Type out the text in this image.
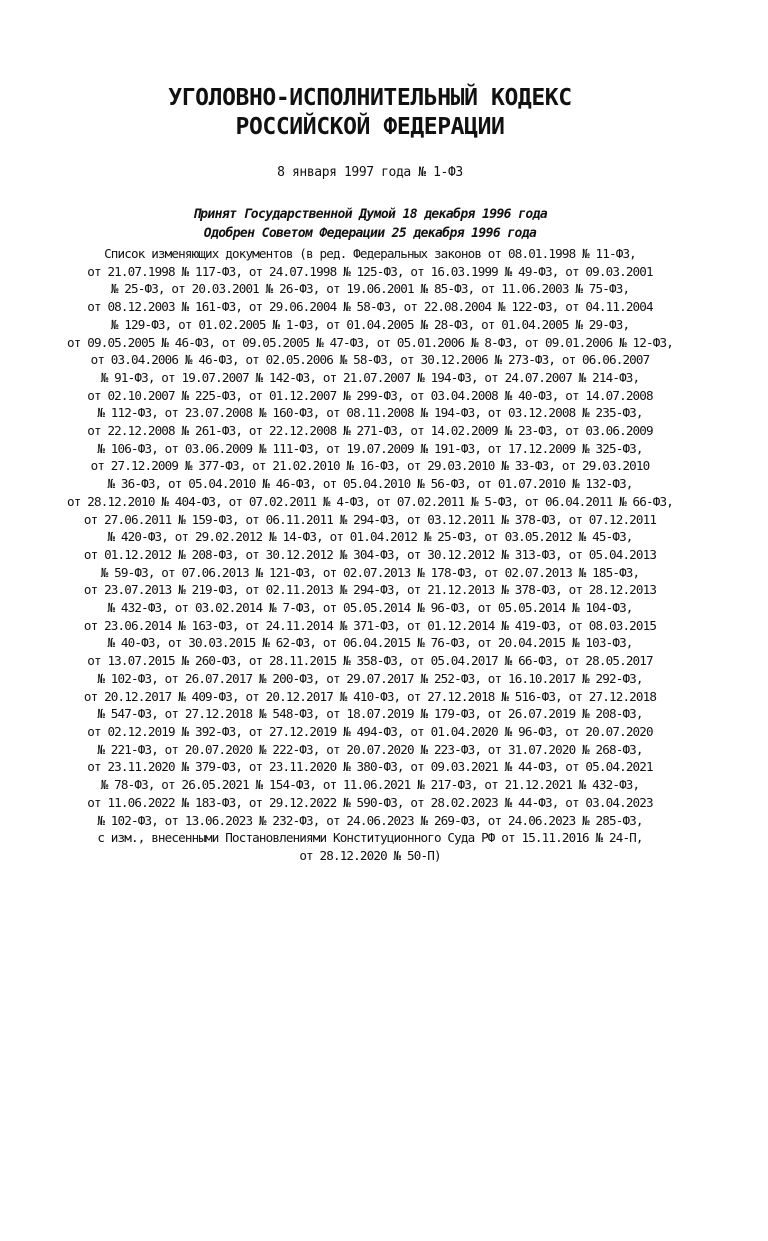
УГОЛОВНО-ИСПОЛНИТЕЛЬНЫЙ КОДЕКС
РОССИЙСКОЙ ФЕДЕРАЦИИ
8 января 1997 года № 1-ФЗ
Принят Государственной Думой 18 декабря 1996 года
Одобрен Советом Федерации 25 декабря 1996 года
Список изменяющих документов (в ред. Федеральных законов от 08.01.1998 № 11-ФЗ,
от 21.07.1998 № 117-ФЗ, от 24.07.1998 № 125-ФЗ, от 16.03.1999 № 49-ФЗ, от 09.03.2001
№ 25-ФЗ, от 20.03.2001 № 26-ФЗ, от 19.06.2001 № 85-ФЗ, от 11.06.2003 № 75-ФЗ,
от 08.12.2003 № 161-ФЗ, от 29.06.2004 № 58-ФЗ, от 22.08.2004 № 122-ФЗ, от 04.11.2004
№ 129-ФЗ, от 01.02.2005 № 1-ФЗ, от 01.04.2005 № 28-ФЗ, от 01.04.2005 № 29-ФЗ,
от 09.05.2005 № 46-ФЗ, от 09.05.2005 № 47-ФЗ, от 05.01.2006 № 8-ФЗ, от 09.01.2006 № 12-ФЗ,
от 03.04.2006 № 46-ФЗ, от 02.05.2006 № 58-ФЗ, от 30.12.2006 № 273-ФЗ, от 06.06.2007
№ 91-ФЗ, от 19.07.2007 № 142-ФЗ, от 21.07.2007 № 194-ФЗ, от 24.07.2007 № 214-ФЗ,
от 02.10.2007 № 225-ФЗ, от 01.12.2007 № 299-ФЗ, от 03.04.2008 № 40-ФЗ, от 14.07.2008
№ 112-ФЗ, от 23.07.2008 № 160-ФЗ, от 08.11.2008 № 194-ФЗ, от 03.12.2008 № 235-ФЗ,
от 22.12.2008 № 261-ФЗ, от 22.12.2008 № 271-ФЗ, от 14.02.2009 № 23-ФЗ, от 03.06.2009
№ 106-ФЗ, от 03.06.2009 № 111-ФЗ, от 19.07.2009 № 191-ФЗ, от 17.12.2009 № 325-ФЗ,
от 27.12.2009 № 377-ФЗ, от 21.02.2010 № 16-ФЗ, от 29.03.2010 № 33-ФЗ, от 29.03.2010
№ 36-ФЗ, от 05.04.2010 № 46-ФЗ, от 05.04.2010 № 56-ФЗ, от 01.07.2010 № 132-ФЗ,
от 28.12.2010 № 404-ФЗ, от 07.02.2011 № 4-ФЗ, от 07.02.2011 № 5-ФЗ, от 06.04.2011 № 66-ФЗ,
от 27.06.2011 № 159-ФЗ, от 06.11.2011 № 294-ФЗ, от 03.12.2011 № 378-ФЗ, от 07.12.2011
№ 420-ФЗ, от 29.02.2012 № 14-ФЗ, от 01.04.2012 № 25-ФЗ, от 03.05.2012 № 45-ФЗ,
от 01.12.2012 № 208-ФЗ, от 30.12.2012 № 304-ФЗ, от 30.12.2012 № 313-ФЗ, от 05.04.2013
№ 59-ФЗ, от 07.06.2013 № 121-ФЗ, от 02.07.2013 № 178-ФЗ, от 02.07.2013 № 185-ФЗ,
от 23.07.2013 № 219-ФЗ, от 02.11.2013 № 294-ФЗ, от 21.12.2013 № 378-ФЗ, от 28.12.2013
№ 432-ФЗ, от 03.02.2014 № 7-ФЗ, от 05.05.2014 № 96-ФЗ, от 05.05.2014 № 104-ФЗ,
от 23.06.2014 № 163-ФЗ, от 24.11.2014 № 371-ФЗ, от 01.12.2014 № 419-ФЗ, от 08.03.2015
№ 40-ФЗ, от 30.03.2015 № 62-ФЗ, от 06.04.2015 № 76-ФЗ, от 20.04.2015 № 103-ФЗ,
от 13.07.2015 № 260-ФЗ, от 28.11.2015 № 358-ФЗ, от 05.04.2017 № 66-ФЗ, от 28.05.2017
№ 102-ФЗ, от 26.07.2017 № 200-ФЗ, от 29.07.2017 № 252-ФЗ, от 16.10.2017 № 292-ФЗ,
от 20.12.2017 № 409-ФЗ, от 20.12.2017 № 410-ФЗ, от 27.12.2018 № 516-ФЗ, от 27.12.2018
№ 547-ФЗ, от 27.12.2018 № 548-ФЗ, от 18.07.2019 № 179-ФЗ, от 26.07.2019 № 208-ФЗ,
от 02.12.2019 № 392-ФЗ, от 27.12.2019 № 494-ФЗ, от 01.04.2020 № 96-ФЗ, от 20.07.2020
№ 221-ФЗ, от 20.07.2020 № 222-ФЗ, от 20.07.2020 № 223-ФЗ, от 31.07.2020 № 268-ФЗ,
от 23.11.2020 № 379-ФЗ, от 23.11.2020 № 380-ФЗ, от 09.03.2021 № 44-ФЗ, от 05.04.2021
№ 78-ФЗ, от 26.05.2021 № 154-ФЗ, от 11.06.2021 № 217-ФЗ, от 21.12.2021 № 432-ФЗ,
от 11.06.2022 № 183-ФЗ, от 29.12.2022 № 590-ФЗ, от 28.02.2023 № 44-ФЗ, от 03.04.2023
№ 102-ФЗ, от 13.06.2023 № 232-ФЗ, от 24.06.2023 № 269-ФЗ, от 24.06.2023 № 285-ФЗ,
с изм., внесенными Постановлениями Конституционного Суда РФ от 15.11.2016 № 24-П,
от 28.12.2020 № 50-П)
